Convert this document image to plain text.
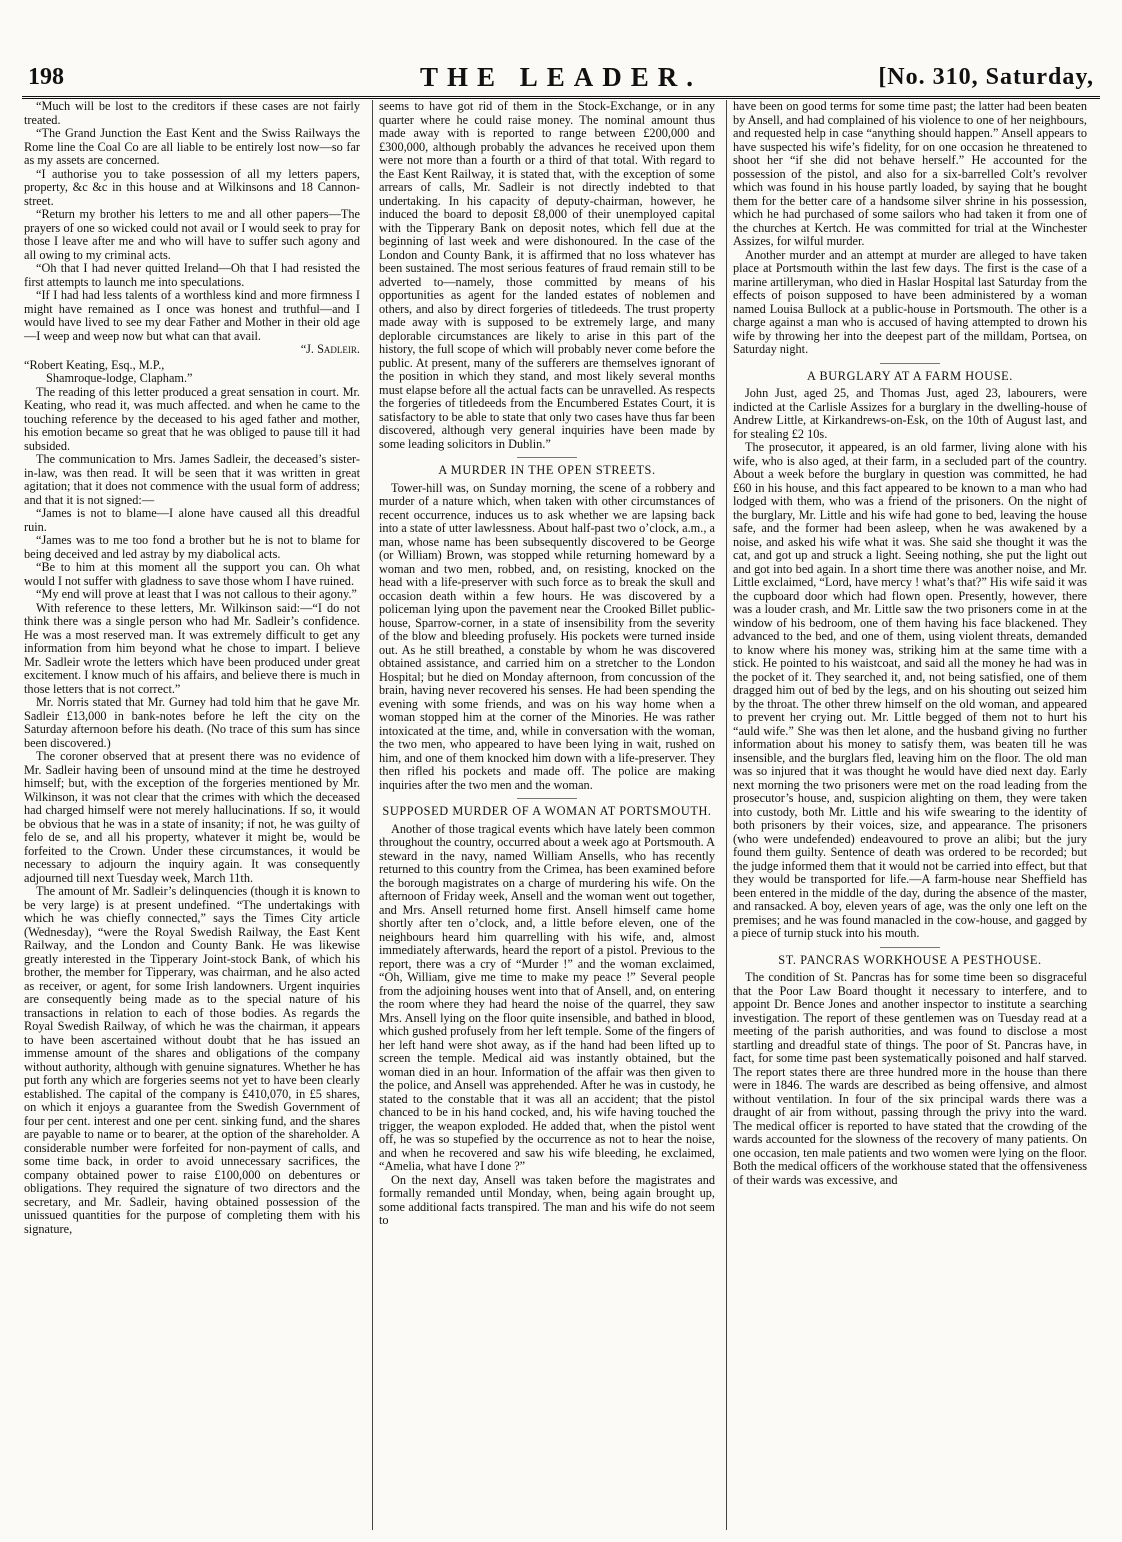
198	THE LEADER.	[No. 310, Saturday,

“Much will be lost to the creditors if these cases are not fairly treated.

“The Grand Junction the East Kent and the Swiss Railways the Rome line the Coal Co are all liable to be entirely lost now—so far as my assets are concerned.

“I authorise you to take possession of all my letters papers, property, &c &c in this house and at Wilkinsons and 18 Cannon-street.

“Return my brother his letters to me and all other papers—The prayers of one so wicked could not avail or I would seek to pray for those I leave after me and who will have to suffer such agony and all owing to my criminal acts.

“Oh that I had never quitted Ireland—Oh that I had resisted the first attempts to launch me into speculations.

“If I had had less talents of a worthless kind and more firmness I might have remained as I once was honest and truthful—and I would have lived to see my dear Father and Mother in their old age—I weep and weep now but what can that avail.

“J. Sadleir.

“Robert Keating, Esq., M.P.,

Shamroque-lodge, Clapham.”

The reading of this letter produced a great sensation in court. Mr. Keating, who read it, was much affected. and when he came to the touching reference by the deceased to his aged father and mother, his emotion became so great that he was obliged to pause till it had subsided.

The communication to Mrs. James Sadleir, the deceased’s sister-in-law, was then read. It will be seen that it was written in great agitation; that it does not commence with the usual form of address; and that it is not signed:—

“James is not to blame—I alone have caused all this dreadful ruin.

“James was to me too fond a brother but he is not to blame for being deceived and led astray by my diabolical acts.

“Be to him at this moment all the support you can. Oh what would I not suffer with gladness to save those whom I have ruined.

“My end will prove at least that I was not callous to their agony.”

With reference to these letters, Mr. Wilkinson said:—“I do not think there was a single person who had Mr. Sadleir’s confidence. He was a most reserved man. It was extremely difficult to get any information from him beyond what he chose to impart. I believe Mr. Sadleir wrote the letters which have been produced under great excitement. I know much of his affairs, and believe there is much in those letters that is not correct.”

Mr. Norris stated that Mr. Gurney had told him that he gave Mr. Sadleir £13,000 in bank-notes before he left the city on the Saturday afternoon before his death. (No trace of this sum has since been discovered.)

The coroner observed that at present there was no evidence of Mr. Sadleir having been of unsound mind at the time he destroyed himself; but, with the exception of the forgeries mentioned by Mr. Wilkinson, it was not clear that the crimes with which the deceased had charged himself were not merely hallucinations. If so, it would be obvious that he was in a state of insanity; if not, he was guilty of felo de se, and all his property, whatever it might be, would be forfeited to the Crown. Under these circumstances, it would be necessary to adjourn the inquiry again. It was consequently adjourned till next Tuesday week, March 11th.

The amount of Mr. Sadleir’s delinquencies (though it is known to be very large) is at present undefined. “The undertakings with which he was chiefly connected,” says the Times City article (Wednesday), “were the Royal Swedish Railway, the East Kent Railway, and the London and County Bank. He was likewise greatly interested in the Tipperary Joint-stock Bank, of which his brother, the member for Tipperary, was chairman, and he also acted as receiver, or agent, for some Irish landowners. Urgent inquiries are consequently being made as to the special nature of his transactions in relation to each of those bodies. As regards the Royal Swedish Railway, of which he was the chairman, it appears to have been ascertained without doubt that he has issued an immense amount of the shares and obligations of the company without authority, although with genuine signatures. Whether he has put forth any which are forgeries seems not yet to have been clearly established. The capital of the company is £410,070, in £5 shares, on which it enjoys a guarantee from the Swedish Government of four per cent. interest and one per cent. sinking fund, and the shares are payable to name or to bearer, at the option of the shareholder. A considerable number were forfeited for non-payment of calls, and some time back, in order to avoid unnecessary sacrifices, the company obtained power to raise £100,000 on debentures or obligations. They required the signature of two directors and the secretary, and Mr. Sadleir, having obtained possession of the unissued quantities for the purpose of completing them with his signature,

seems to have got rid of them in the Stock-Exchange, or in any quarter where he could raise money. The nominal amount thus made away with is reported to range between £200,000 and £300,000, although probably the advances he received upon them were not more than a fourth or a third of that total. With regard to the East Kent Railway, it is stated that, with the exception of some arrears of calls, Mr. Sadleir is not directly indebted to that undertaking. In his capacity of deputy-chairman, however, he induced the board to deposit £8,000 of their unemployed capital with the Tipperary Bank on deposit notes, which fell due at the beginning of last week and were dishonoured. In the case of the London and County Bank, it is affirmed that no loss whatever has been sustained. The most serious features of fraud remain still to be adverted to—namely, those committed by means of his opportunities as agent for the landed estates of noblemen and others, and also by direct forgeries of titledeeds. The trust property made away with is supposed to be extremely large, and many deplorable circumstances are likely to arise in this part of the history, the full scope of which will probably never come before the public. At present, many of the sufferers are themselves ignorant of the position in which they stand, and most likely several months must elapse before all the actual facts can be unravelled. As respects the forgeries of titledeeds from the Encumbered Estates Court, it is satisfactory to be able to state that only two cases have thus far been discovered, although very general inquiries have been made by some leading solicitors in Dublin.”

A MURDER IN THE OPEN STREETS.

Tower-hill was, on Sunday morning, the scene of a robbery and murder of a nature which, when taken with other circumstances of recent occurrence, induces us to ask whether we are lapsing back into a state of utter lawlessness. About half-past two o’clock, a.m., a man, whose name has been subsequently discovered to be George (or William) Brown, was stopped while returning homeward by a woman and two men, robbed, and, on resisting, knocked on the head with a life-preserver with such force as to break the skull and occasion death within a few hours. He was discovered by a policeman lying upon the pavement near the Crooked Billet public-house, Sparrow-corner, in a state of insensibility from the severity of the blow and bleeding profusely. His pockets were turned inside out. As he still breathed, a constable by whom he was discovered obtained assistance, and carried him on a stretcher to the London Hospital; but he died on Monday afternoon, from concussion of the brain, having never recovered his senses. He had been spending the evening with some friends, and was on his way home when a woman stopped him at the corner of the Minories. He was rather intoxicated at the time, and, while in conversation with the woman, the two men, who appeared to have been lying in wait, rushed on him, and one of them knocked him down with a life-preserver. They then rifled his pockets and made off. The police are making inquiries after the two men and the woman.

SUPPOSED MURDER OF A WOMAN AT PORTSMOUTH.

Another of those tragical events which have lately been common throughout the country, occurred about a week ago at Portsmouth. A steward in the navy, named William Ansells, who has recently returned to this country from the Crimea, has been examined before the borough magistrates on a charge of murdering his wife. On the afternoon of Friday week, Ansell and the woman went out together, and Mrs. Ansell returned home first. Ansell himself came home shortly after ten o’clock, and, a little before eleven, one of the neighbours heard him quarrelling with his wife, and, almost immediately afterwards, heard the report of a pistol. Previous to the report, there was a cry of “Murder !” and the woman exclaimed, “Oh, William, give me time to make my peace !” Several people from the adjoining houses went into that of Ansell, and, on entering the room where they had heard the noise of the quarrel, they saw Mrs. Ansell lying on the floor quite insensible, and bathed in blood, which gushed profusely from her left temple. Some of the fingers of her left hand were shot away, as if the hand had been lifted up to screen the temple. Medical aid was instantly obtained, but the woman died in an hour. Information of the affair was then given to the police, and Ansell was apprehended. After he was in custody, he stated to the constable that it was all an accident; that the pistol chanced to be in his hand cocked, and, his wife having touched the trigger, the weapon exploded. He added that, when the pistol went off, he was so stupefied by the occurrence as not to hear the noise, and when he recovered and saw his wife bleeding, he exclaimed, “Amelia, what have I done ?”

On the next day, Ansell was taken before the magistrates and formally remanded until Monday, when, being again brought up, some additional facts transpired. The man and his wife do not seem to

have been on good terms for some time past; the latter had been beaten by Ansell, and had complained of his violence to one of her neighbours, and requested help in case “anything should happen.” Ansell appears to have suspected his wife’s fidelity, for on one occasion he threatened to shoot her “if she did not behave herself.” He accounted for the possession of the pistol, and also for a six-barrelled Colt’s revolver which was found in his house partly loaded, by saying that he bought them for the better care of a handsome silver shrine in his possession, which he had purchased of some sailors who had taken it from one of the churches at Kertch. He was committed for trial at the Winchester Assizes, for wilful murder.

Another murder and an attempt at murder are alleged to have taken place at Portsmouth within the last few days. The first is the case of a marine artilleryman, who died in Haslar Hospital last Saturday from the effects of poison supposed to have been administered by a woman named Louisa Bullock at a public-house in Portsmouth. The other is a charge against a man who is accused of having attempted to drown his wife by throwing her into the deepest part of the milldam, Portsea, on Saturday night.

A BURGLARY AT A FARM HOUSE.

John Just, aged 25, and Thomas Just, aged 23, labourers, were indicted at the Carlisle Assizes for a burglary in the dwelling-house of Andrew Little, at Kirkandrews-on-Esk, on the 10th of August last, and for stealing £2 10s.

The prosecutor, it appeared, is an old farmer, living alone with his wife, who is also aged, at their farm, in a secluded part of the country. About a week before the burglary in question was committed, he had £60 in his house, and this fact appeared to be known to a man who had lodged with them, who was a friend of the prisoners. On the night of the burglary, Mr. Little and his wife had gone to bed, leaving the house safe, and the former had been asleep, when he was awakened by a noise, and asked his wife what it was. She said she thought it was the cat, and got up and struck a light. Seeing nothing, she put the light out and got into bed again. In a short time there was another noise, and Mr. Little exclaimed, “Lord, have mercy ! what’s that?” His wife said it was the cupboard door which had flown open. Presently, however, there was a louder crash, and Mr. Little saw the two prisoners come in at the window of his bedroom, one of them having his face blackened. They advanced to the bed, and one of them, using violent threats, demanded to know where his money was, striking him at the same time with a stick. He pointed to his waistcoat, and said all the money he had was in the pocket of it. They searched it, and, not being satisfied, one of them dragged him out of bed by the legs, and on his shouting out seized him by the throat. The other threw himself on the old woman, and appeared to prevent her crying out. Mr. Little begged of them not to hurt his “auld wife.” She was then let alone, and the husband giving no further information about his money to satisfy them, was beaten till he was insensible, and the burglars fled, leaving him on the floor. The old man was so injured that it was thought he would have died next day. Early next morning the two prisoners were met on the road leading from the prosecutor’s house, and, suspicion alighting on them, they were taken into custody, both Mr. Little and his wife swearing to the identity of both prisoners by their voices, size, and appearance. The prisoners (who were undefended) endeavoured to prove an alibi; but the jury found them guilty. Sentence of death was ordered to be recorded; but the judge informed them that it would not be carried into effect, but that they would be transported for life.—A farm-house near Sheffield has been entered in the middle of the day, during the absence of the master, and ransacked. A boy, eleven years of age, was the only one left on the premises; and he was found manacled in the cow-house, and gagged by a piece of turnip stuck into his mouth.

ST. PANCRAS WORKHOUSE A PESTHOUSE.

The condition of St. Pancras has for some time been so disgraceful that the Poor Law Board thought it necessary to interfere, and to appoint Dr. Bence Jones and another inspector to institute a searching investigation. The report of these gentlemen was on Tuesday read at a meeting of the parish authorities, and was found to disclose a most startling and dreadful state of things. The poor of St. Pancras have, in fact, for some time past been systematically poisoned and half starved. The report states there are three hundred more in the house than there were in 1846. The wards are described as being offensive, and almost without ventilation. In four of the six principal wards there was a draught of air from without, passing through the privy into the ward. The medical officer is reported to have stated that the crowding of the wards accounted for the slowness of the recovery of many patients. On one occasion, ten male patients and two women were lying on the floor. Both the medical officers of the workhouse stated that the offensiveness of their wards was excessive, and
